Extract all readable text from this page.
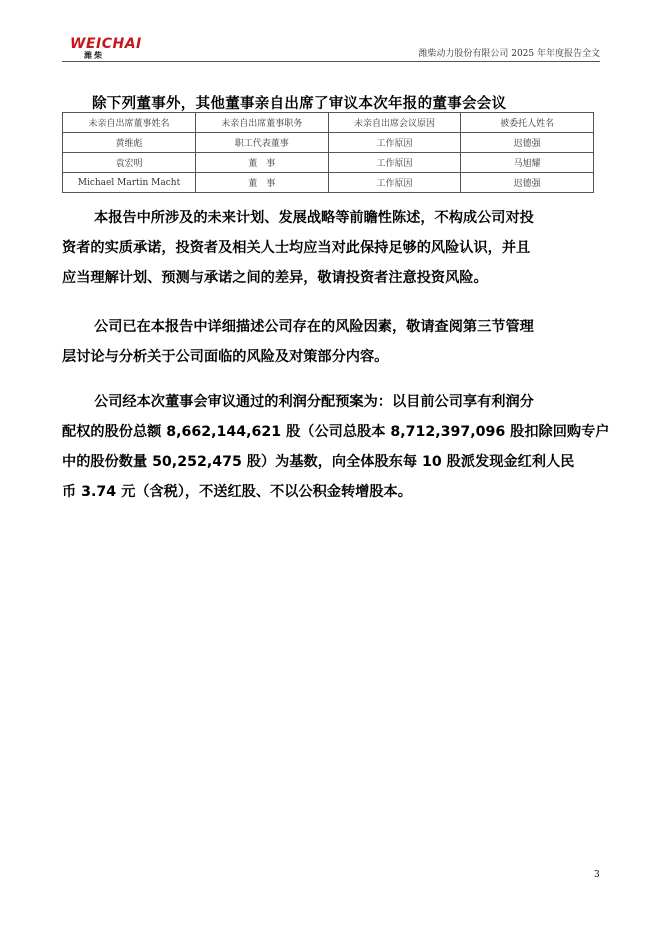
WEICHAI
潍柴	潍柴动力股份有限公司 2025 年年度报告全文
除下列董事外，其他董事亲自出席了审议本次年报的董事会会议
未亲自出席董事姓名	未亲自出席董事职务	未亲自出席会议原因	被委托人姓名
黄维彪	职工代表董事	工作原因	迟德强
袁宏明	董　事	工作原因	马旭耀
Michael Martin Macht	董　事	工作原因	迟德强
本报告中所涉及的未来计划、发展战略等前瞻性陈述，不构成公司对投
资者的实质承诺，投资者及相关人士均应当对此保持足够的风险认识，并且
应当理解计划、预测与承诺之间的差异，敬请投资者注意投资风险。
公司已在本报告中详细描述公司存在的风险因素，敬请查阅第三节管理
层讨论与分析关于公司面临的风险及对策部分内容。
公司经本次董事会审议通过的利润分配预案为：以目前公司享有利润分
配权的股份总额 8,662,144,621 股（公司总股本 8,712,397,096 股扣除回购专户
中的股份数量 50,252,475 股）为基数，向全体股东每 10 股派发现金红利人民
币 3.74 元（含税），不送红股、不以公积金转增股本。
3
